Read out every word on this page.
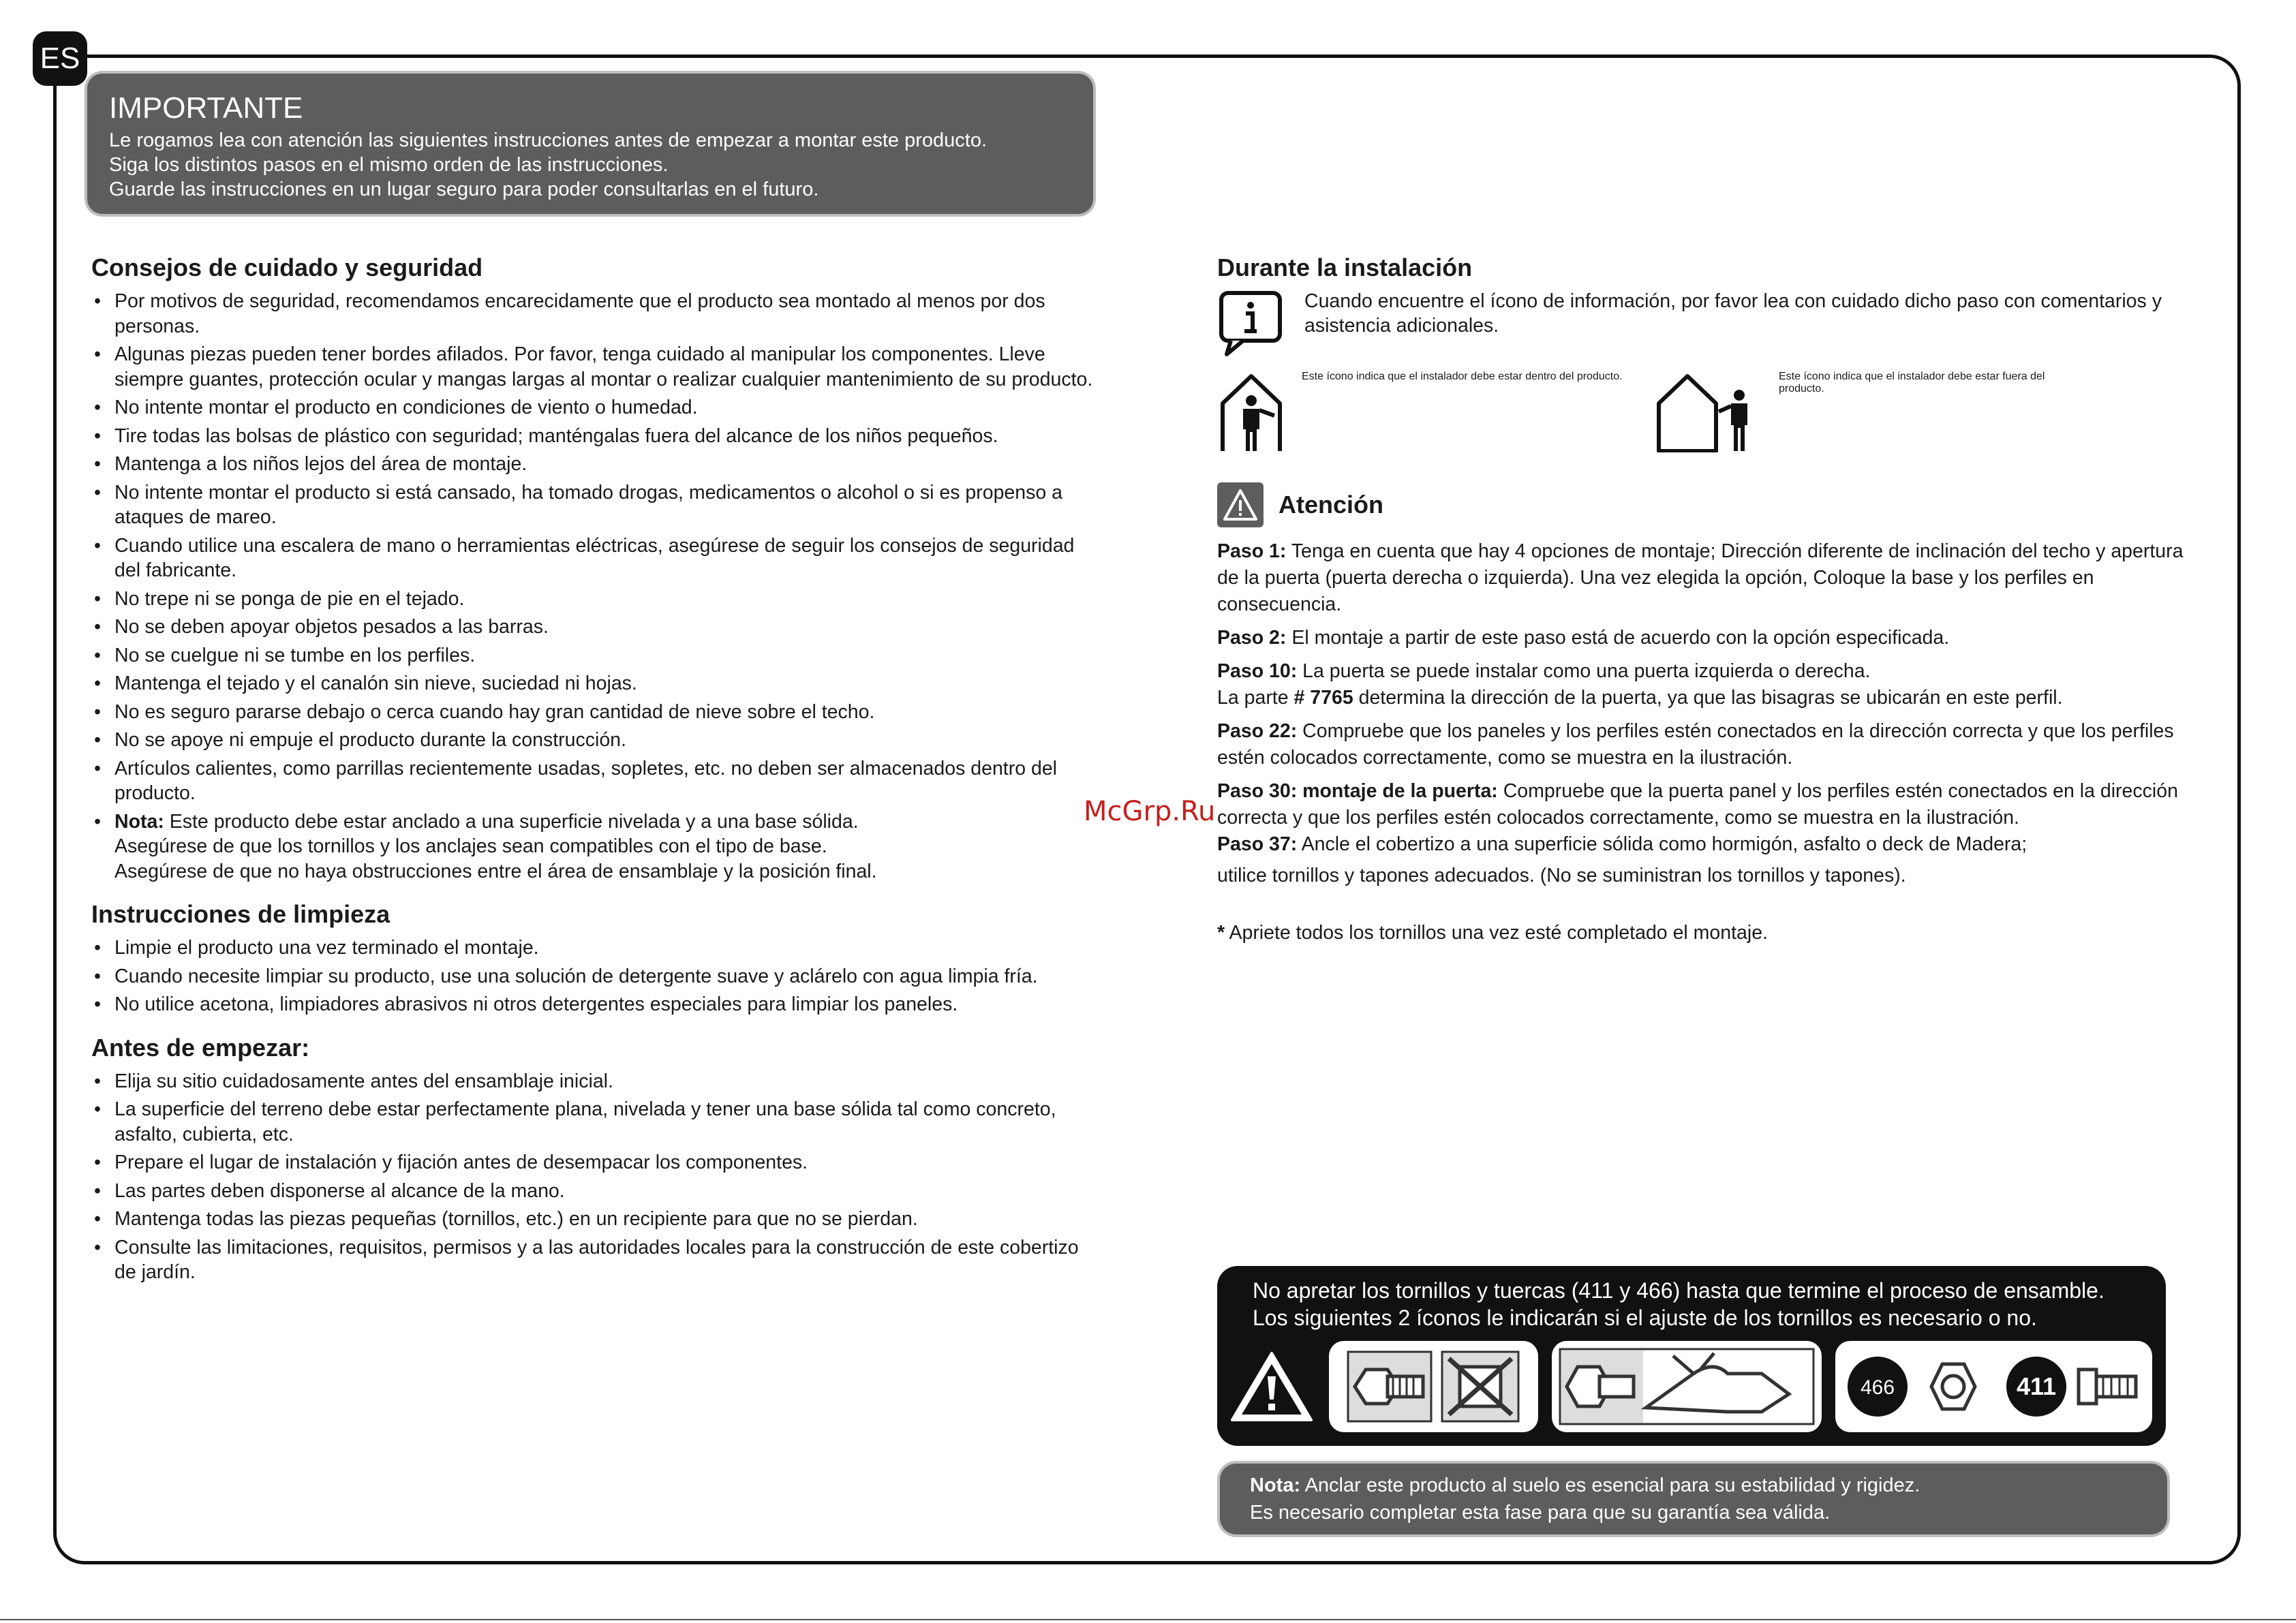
ES
IMPORTANTE

Le rogamos lea con atención las siguientes instrucciones antes de empezar a montar este producto.

Siga los distintos pasos en el mismo orden de las instrucciones.

Guarde las instrucciones en un lugar seguro para poder consultarlas en el futuro.

Consejos de cuidado y seguridad
• Por motivos de seguridad, recomendamos encarecidamente que el producto sea montado al menos por dos personas.
• Algunas piezas pueden tener bordes afilados. Por favor, tenga cuidado al manipular los componentes. Lleve siempre guantes, protección ocular y mangas largas al montar o realizar cualquier mantenimiento de su producto.
• No intente montar el producto en condiciones de viento o humedad.
• Tire todas las bolsas de plástico con seguridad; manténgalas fuera del alcance de los niños pequeños.
• Mantenga a los niños lejos del área de montaje.
• No intente montar el producto si está cansado, ha tomado drogas, medicamentos o alcohol o si es propenso a ataques de mareo.
• Cuando utilice una escalera de mano o herramientas eléctricas, asegúrese de seguir los consejos de seguridad del fabricante.
• No trepe ni se ponga de pie en el tejado.
• No se deben apoyar objetos pesados a las barras.
• No se cuelgue ni se tumbe en los perfiles.
• Mantenga el tejado y el canalón sin nieve, suciedad ni hojas.
• No es seguro pararse debajo o cerca cuando hay gran cantidad de nieve sobre el techo.
• No se apoye ni empuje el producto durante la construcción.
• Artículos calientes, como parrillas recientemente usadas, sopletes, etc. no deben ser almacenados dentro del producto.
• Nota: Este producto debe estar anclado a una superficie nivelada y a una base sólida.
Asegúrese de que los tornillos y los anclajes sean compatibles con el tipo de base.
Asegúrese de que no haya obstrucciones entre el área de ensamblaje y la posición final.
Instrucciones de limpieza
• Limpie el producto una vez terminado el montaje.
• Cuando necesite limpiar su producto, use una solución de detergente suave y aclárelo con agua limpia fría.
• No utilice acetona, limpiadores abrasivos ni otros detergentes especiales para limpiar los paneles.
Antes de empezar:
• Elija su sitio cuidadosamente antes del ensamblaje inicial.
• La superficie del terreno debe estar perfectamente plana, nivelada y tener una base sólida tal como concreto, asfalto, cubierta, etc.
• Prepare el lugar de instalación y fijación antes de desempacar los componentes.
• Las partes deben disponerse al alcance de la mano.
• Mantenga todas las piezas pequeñas (tornillos, etc.) en un recipiente para que no se pierdan.
• Consulte las limitaciones, requisitos, permisos y a las autoridades locales para la construcción de este cobertizo de jardín.
Durante la instalación
Cuando encuentre el ícono de información, por favor lea con cuidado dicho paso con comentarios y asistencia adicionales.
Este ícono indica que el instalador debe estar dentro del producto.	Este ícono indica que el instalador debe estar fuera del producto.
Atención

Paso 1: Tenga en cuenta que hay 4 opciones de montaje; Dirección diferente de inclinación del techo y apertura de la puerta (puerta derecha o izquierda). Una vez elegida la opción, Coloque la base y los perfiles en consecuencia.

Paso 2: El montaje a partir de este paso está de acuerdo con la opción especificada.

Paso 10: La puerta se puede instalar como una puerta izquierda o derecha.
La parte # 7765 determina la dirección de la puerta, ya que las bisagras se ubicarán en este perfil.

Paso 22: Compruebe que los paneles y los perfiles estén conectados en la dirección correcta y que los perfiles estén colocados correctamente, como se muestra en la ilustración.

Paso 30: montaje de la puerta: Compruebe que la puerta panel y los perfiles estén conectados en la dirección correcta y que los perfiles estén colocados correctamente, como se muestra en la ilustración.

Paso 37: Ancle el cobertizo a una superficie sólida como hormigón, asfalto o deck de Madera;
utilice tornillos y tapones adecuados. (No se suministran los tornillos y tapones).

* Apriete todos los tornillos una vez esté completado el montaje.
McGrp.Ru

No apretar los tornillos y tuercas (411 y 466) hasta que termine el proceso de ensamble.

Los siguientes 2 íconos le indicarán si el ajuste de los tornillos es necesario o no.

466	411

Nota: Anclar este producto al suelo es esencial para su estabilidad y rigidez.

Es necesario completar esta fase para que su garantía sea válida.
